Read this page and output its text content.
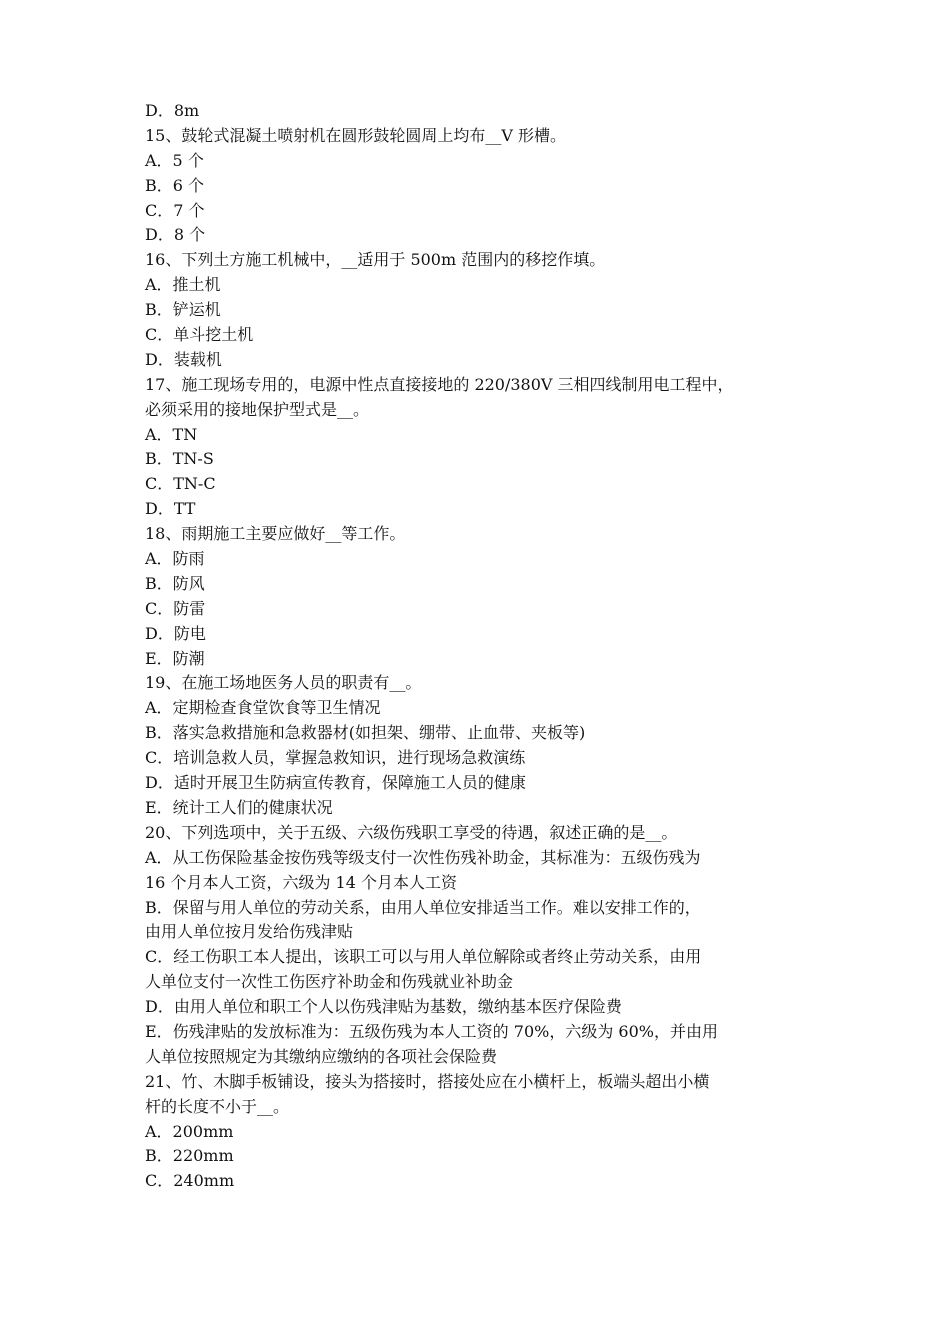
D．8m
15、鼓轮式混凝土喷射机在圆形鼓轮圆周上均布__V 形槽。
A．5 个
B．6 个
C．7 个
D．8 个
16、下列土方施工机械中，__适用于 500m 范围内的移挖作填。
A．推土机
B．铲运机
C．单斗挖土机
D．装载机
17、施工现场专用的，电源中性点直接接地的 220/380V 三相四线制用电工程中，
必须采用的接地保护型式是__。
A．TN
B．TN-S
C．TN-C
D．TT
18、雨期施工主要应做好__等工作。
A．防雨
B．防风
C．防雷
D．防电
E．防潮
19、在施工场地医务人员的职责有__。
A．定期检查食堂饮食等卫生情况
B．落实急救措施和急救器材(如担架、绷带、止血带、夹板等)
C．培训急救人员，掌握急救知识，进行现场急救演练
D．适时开展卫生防病宣传教育，保障施工人员的健康
E．统计工人们的健康状况
20、下列选项中，关于五级、六级伤残职工享受的待遇，叙述正确的是__。
A．从工伤保险基金按伤残等级支付一次性伤残补助金，其标准为：五级伤残为
16 个月本人工资，六级为 14 个月本人工资
B．保留与用人单位的劳动关系，由用人单位安排适当工作。难以安排工作的，
由用人单位按月发给伤残津贴
C．经工伤职工本人提出，该职工可以与用人单位解除或者终止劳动关系，由用
人单位支付一次性工伤医疗补助金和伤残就业补助金
D．由用人单位和职工个人以伤残津贴为基数，缴纳基本医疗保险费
E．伤残津贴的发放标准为：五级伤残为本人工资的 70%，六级为 60%，并由用
人单位按照规定为其缴纳应缴纳的各项社会保险费
21、竹、木脚手板铺设，接头为搭接时，搭接处应在小横杆上，板端头超出小横
杆的长度不小于__。
A．200mm
B．220mm
C．240mm
